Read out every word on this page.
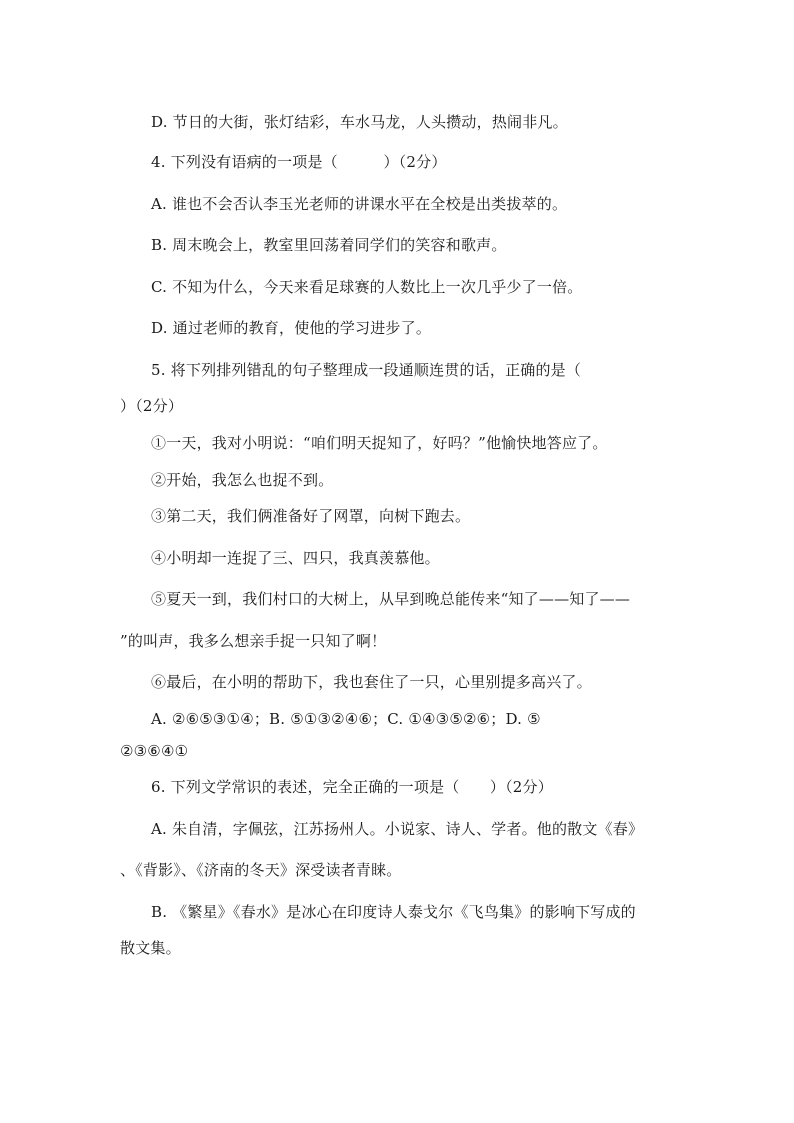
D. 节日的大街，张灯结彩，车水马龙，人头攒动，热闹非凡。
4. 下列没有语病的一项是（　　　）（2分）
A. 谁也不会否认李玉光老师的讲课水平在全校是出类拔萃的。
B. 周末晚会上，教室里回荡着同学们的笑容和歌声。
C. 不知为什么，今天来看足球赛的人数比上一次几乎少了一倍。
D. 通过老师的教育，使他的学习进步了。
5. 将下列排列错乱的句子整理成一段通顺连贯的话，正确的是（
）（2分）
①一天，我对小明说：“咱们明天捉知了，好吗？”他愉快地答应了。
②开始，我怎么也捉不到。
③第二天，我们俩准备好了网罩，向树下跑去。
④小明却一连捉了三、四只，我真羡慕他。
⑤夏天一到，我们村口的大树上，从早到晚总能传来“知了——知了——
”的叫声，我多么想亲手捉一只知了啊！
⑥最后，在小明的帮助下，我也套住了一只，心里别提多高兴了。
A. ②⑥⑤③①④；B. ⑤①③②④⑥；C. ①④③⑤②⑥；D. ⑤
②③⑥④①
6. 下列文学常识的表述，完全正确的一项是（　　）（2分）
A. 朱自清，字佩弦，江苏扬州人。小说家、诗人、学者。他的散文《春》
、《背影》、《济南的冬天》深受读者青睐。
B. 《繁星》《春水》是冰心在印度诗人泰戈尔《飞鸟集》的影响下写成的
散文集。
